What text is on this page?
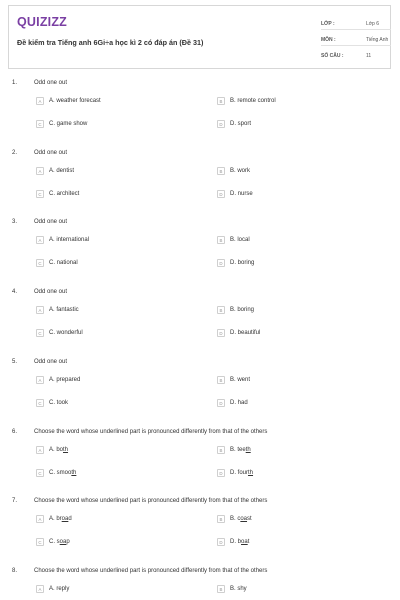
QUIZIZZ
Đề kiểm tra Tiếng anh 6Gi÷a học kì 2 có đáp án (Đề 31)
LỚP :	Lớp 6
MÔN :	Tiếng Anh
SỐ CÂU :	11
1.	Odd one out
A	A. weather forecast	B	B. remote control
C	C. game show	D	D. sport
2.	Odd one out
A	A. dentist	B	B. work
C	C. architect	D	D. nurse
3.	Odd one out
A	A. international	B	B. local
C	C. national	D	D. boring
4.	Odd one out
A	A. fantastic	B	B. boring
C	C. wonderful	D	D. beautiful
5.	Odd one out
A	A. prepared	B	B. went
C	C. took	D	D. had
6.	Choose the word whose underlined part is pronounced differently from that of the others
A	A. both	B	B. teeth
C	C. smooth	D	D. fourth
7.	Choose the word whose underlined part is pronounced differently from that of the others
A	A. broad	B	B. coast
C	C. soap	D	D. boat
8.	Choose the word whose underlined part is pronounced differently from that of the others
A	A. reply	B	B. shy
